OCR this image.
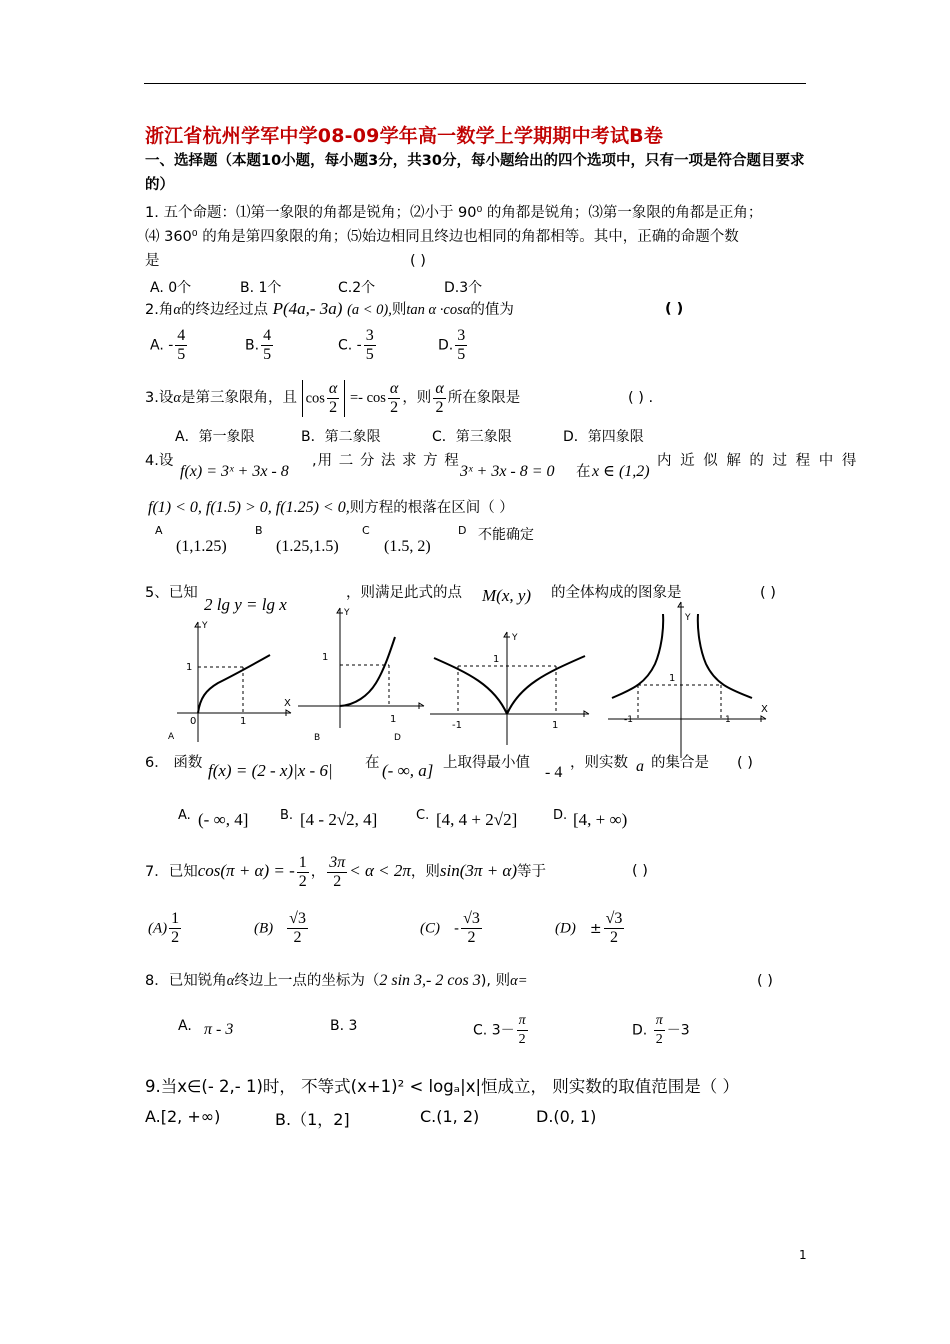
浙江省杭州学军中学08-09学年高一数学上学期期中考试B卷
一、选择题（本题10小题，每小题3分，共30分，每小题给出的四个选项中，只有一项是符合题目要求的）
1. 五个命题：⑴第一象限的角都是锐角；⑵小于 90⁰ 的角都是锐角；⑶第一象限的角都是正角；
⑷ 360⁰ 的角是第四象限的角；⑸始边相同且终边也相同的角都相等。其中，正确的命题个数
是	( )
A. 0个	B. 1个	C.2个	D.3个
2.角α的终边经过点 P(4a,- 3a) (a < 0),则tan α ·cosα的值为	( )
A. - $\frac{4}{5}$	B. $\frac{4}{5}$	C. - $\frac{3}{5}$	D. $\frac{3}{5}$
3.设α是第三象限角，且 $\cos \frac{\alpha}{2} =- \cos \frac{\alpha}{2}$ ，则 $\frac{\alpha}{2}$ 所在象限是	( ) .
A．第一象限	B．第二象限	C．第三象限	D．第四象限
4.设
f(x) = 3ˣ + 3x - 8
,用 二 分 法 求 方 程
3ˣ + 3x - 8 = 0 在 x ∈ (1,2)
内 近 似 解 的 过 程 中 得
f(1) < 0, f(1.5) > 0, f(1.25) < 0,则方程的根落在区间（ ）
A
(1,1.25)
B
(1.25,1.5)
C
(1.5, 2)
D 不能确定
5、已知
2 lg y = lg x
，则满足此式的点 M(x, y) 的全体构成的图象是	( )
Y
X
1
1
0
A
Y
1
1
B	D
Y
1
-1	1
Y
X
1
-1	1
6． 函数 f(x) = (2 - x)|x - 6| 在 (- ∞, a] 上取得最小值
- 4
，则实数 a 的集合是 ( )
A. (- ∞, 4] B. [4 - 2√2, 4]	C. [4, 4 + 2√2]	D. [4, + ∞)
7．已知cos(π + α) = - $\frac{1}{2}$ ， $\frac{3\pi}{2} < \alpha < 2\pi$，则sin(3π + α)等于	( )
$(A) \frac{1}{2}$	$(B) \frac{√3}{2}$	$(C) - \frac{√3}{2}$	$(D) \pm \frac{√3}{2}$
8．已知锐角α终边上一点的坐标为（2 sin 3,- 2 cos 3), 则α=	( )
A. π - 3	B. 3	C. $3- \frac{\pi}{2}$	D. $\frac{\pi}{2} -3$
9.当x∈(- 2,- 1)时， 不等式(x+1)² < logₐ|x|恒成立， 则实数的取值范围是（ ）
A.[2, +∞)	B.（1，2]	C.(1, 2)	D.(0, 1)
1
